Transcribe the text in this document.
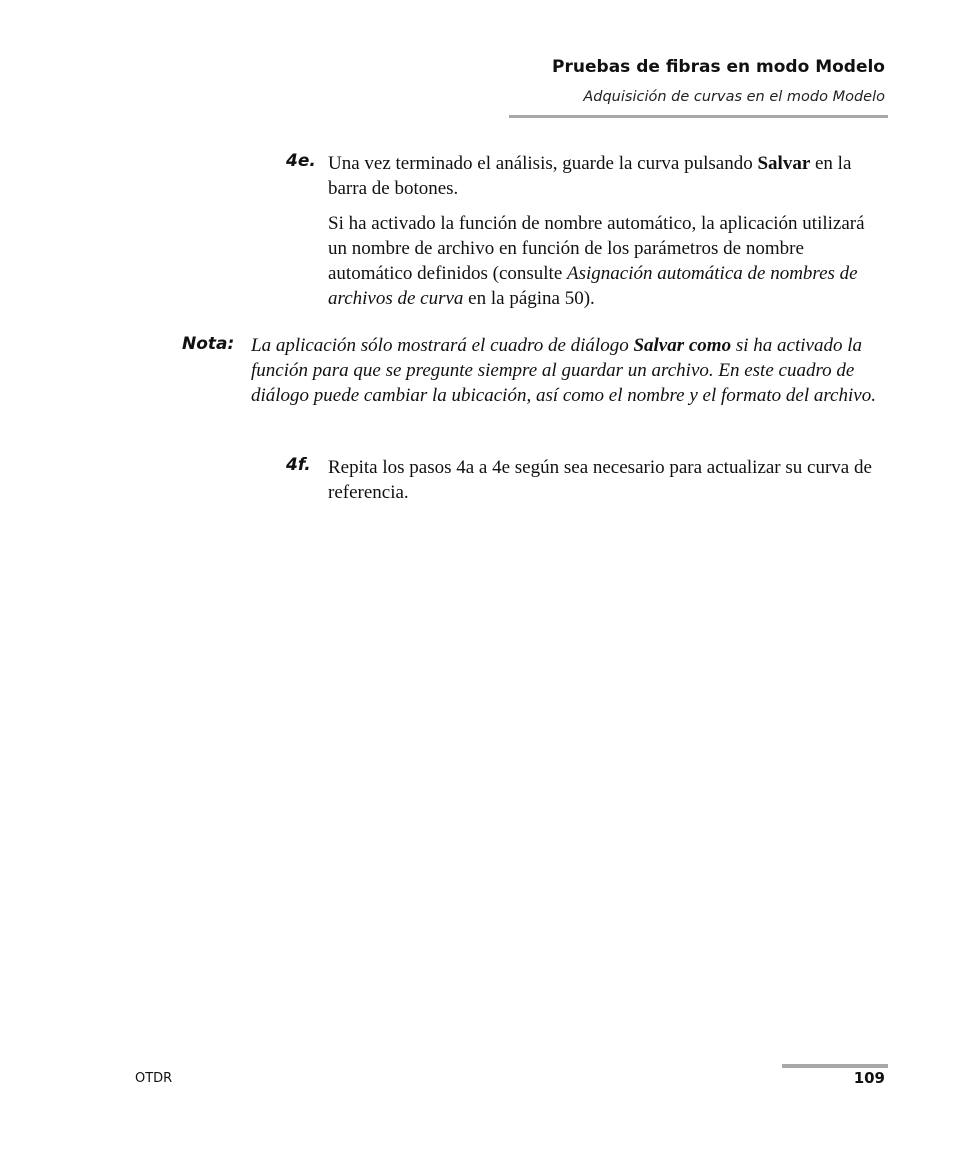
Pruebas de fibras en modo Modelo
Adquisición de curvas en el modo Modelo
4e. Una vez terminado el análisis, guarde la curva pulsando Salvar en la barra de botones.

Si ha activado la función de nombre automático, la aplicación utilizará un nombre de archivo en función de los parámetros de nombre automático definidos (consulte Asignación automática de nombres de archivos de curva en la página 50).

Nota: La aplicación sólo mostrará el cuadro de diálogo Salvar como si ha activado la función para que se pregunte siempre al guardar un archivo. En este cuadro de diálogo puede cambiar la ubicación, así como el nombre y el formato del archivo.
4f. Repita los pasos 4a a 4e según sea necesario para actualizar su curva de referencia.

OTDR	109
